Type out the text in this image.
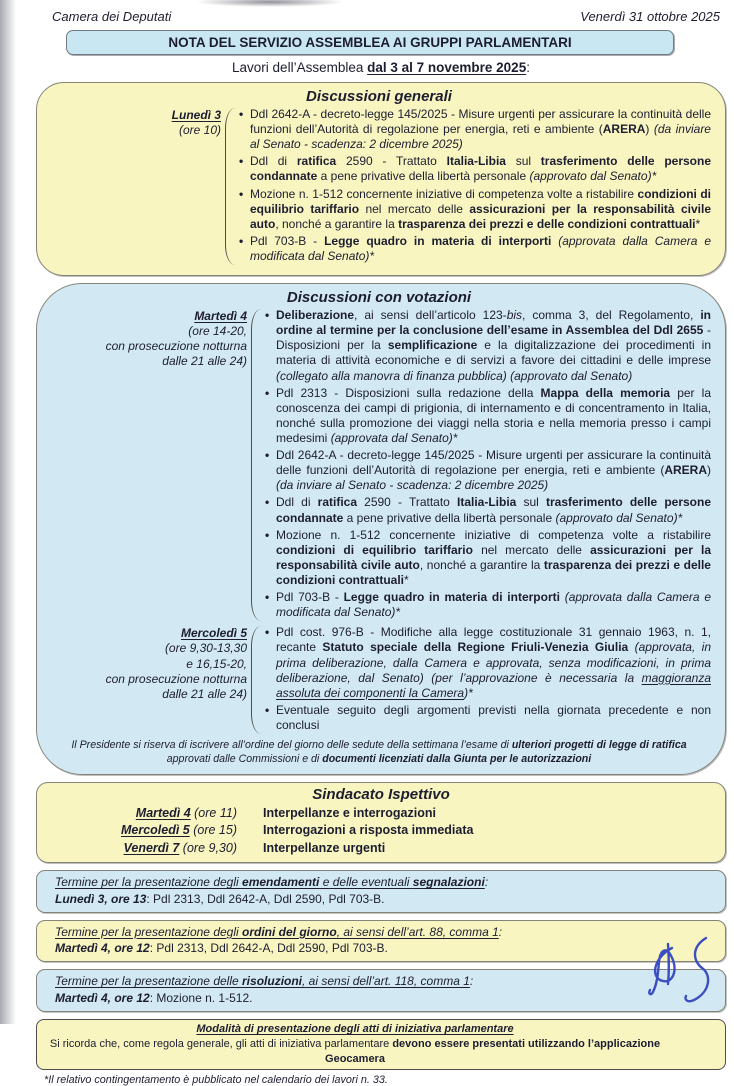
Camera dei Deputati	Venerdì 31 ottobre 2025
NOTA DEL SERVIZIO ASSEMBLEA AI GRUPPI PARLAMENTARI
Lavori dell’Assemblea dal 3 al 7 novembre 2025:
Discussioni generali
Lunedì 3
(ore 10)
• Ddl 2642-A - decreto-legge 145/2025 - Misure urgenti per assicurare la continuità delle funzioni dell’Autorità di regolazione per energia, reti e ambiente (ARERA) (da inviare al Senato - scadenza: 2 dicembre 2025)
• Ddl di ratifica 2590 - Trattato Italia-Libia sul trasferimento delle persone condannate a pene privative della libertà personale (approvato dal Senato)*
• Mozione n. 1-512 concernente iniziative di competenza volte a ristabilire condizioni di equilibrio tariffario nel mercato delle assicurazioni per la responsabilità civile auto, nonché a garantire la trasparenza dei prezzi e delle condizioni contrattuali*
• Pdl 703-B - Legge quadro in materia di interporti (approvata dalla Camera e modificata dal Senato)*
Discussioni con votazioni
Martedì 4
(ore 14-20,
con prosecuzione notturna
dalle 21 alle 24)
• Deliberazione, ai sensi dell’articolo 123-bis, comma 3, del Regolamento, in ordine al termine per la conclusione dell’esame in Assemblea del Ddl 2655 - Disposizioni per la semplificazione e la digitalizzazione dei procedimenti in materia di attività economiche e di servizi a favore dei cittadini e delle imprese (collegato alla manovra di finanza pubblica) (approvato dal Senato)
• Pdl 2313 - Disposizioni sulla redazione della Mappa della memoria per la conoscenza dei campi di prigionia, di internamento e di concentramento in Italia, nonché sulla promozione dei viaggi nella storia e nella memoria presso i campi medesimi (approvata dal Senato)*
• Ddl 2642-A - decreto-legge 145/2025 - Misure urgenti per assicurare la continuità delle funzioni dell’Autorità di regolazione per energia, reti e ambiente (ARERA) (da inviare al Senato - scadenza: 2 dicembre 2025)
• Ddl di ratifica 2590 - Trattato Italia-Libia sul trasferimento delle persone condannate a pene privative della libertà personale (approvato dal Senato)*
• Mozione n. 1-512 concernente iniziative di competenza volte a ristabilire condizioni di equilibrio tariffario nel mercato delle assicurazioni per la responsabilità civile auto, nonché a garantire la trasparenza dei prezzi e delle condizioni contrattuali*
• Pdl 703-B - Legge quadro in materia di interporti (approvata dalla Camera e modificata dal Senato)*
Mercoledì 5
(ore 9,30-13,30
e 16,15-20,
con prosecuzione notturna
dalle 21 alle 24)
• Pdl cost. 976-B - Modifiche alla legge costituzionale 31 gennaio 1963, n. 1, recante Statuto speciale della Regione Friuli-Venezia Giulia (approvata, in prima deliberazione, dalla Camera e approvata, senza modificazioni, in prima deliberazione, dal Senato) (per l’approvazione è necessaria la maggioranza assoluta dei componenti la Camera)*
• Eventuale seguito degli argomenti previsti nella giornata precedente e non conclusi

Il Presidente si riserva di iscrivere all’ordine del giorno delle sedute della settimana l’esame di ulteriori progetti di legge di ratifica approvati dalle Commissioni e di documenti licenziati dalla Giunta per le autorizzazioni

Sindacato Ispettivo
Martedì 4 (ore 11) Interpellanze e interrogazioni
Mercoledì 5 (ore 15) Interrogazioni a risposta immediata
Venerdì 7 (ore 9,30) Interpellanze urgenti

Termine per la presentazione degli emendamenti e delle eventuali segnalazioni:

Lunedì 3, ore 13: Pdl 2313, Ddl 2642-A, Ddl 2590, Pdl 703-B.

Termine per la presentazione degli ordini del giorno, ai sensi dell’art. 88, comma 1:

Martedì 4, ore 12: Pdl 2313, Ddl 2642-A, Ddl 2590, Pdl 703-B.

Termine per la presentazione delle risoluzioni, ai sensi dell’art. 118, comma 1:

Martedì 4, ore 12: Mozione n. 1-512.

Modalità di presentazione degli atti di iniziativa parlamentare

Si ricorda che, come regola generale, gli atti di iniziativa parlamentare devono essere presentati utilizzando l’applicazione Geocamera

*Il relativo contingentamento è pubblicato nel calendario dei lavori n. 33.
